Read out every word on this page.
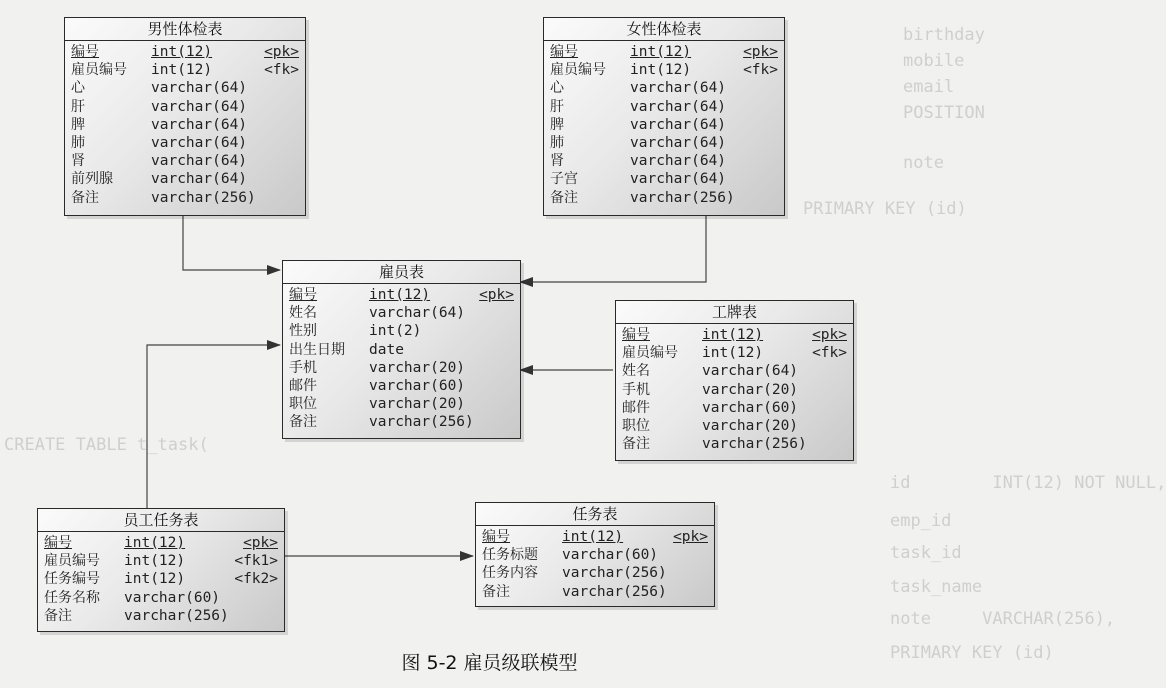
birthday
mobile
email
POSITION
note
PRIMARY KEY (id)
CREATE TABLE t_task(
id        INT(12) NOT NULL,
emp_id
task_id
task_name
note     VARCHAR(256),
PRIMARY KEY (id)
男性体检表
编号	int(12)	<pk>
雇员编号 int(12)	<fk>
心	varchar(64)
肝	varchar(64)
脾	varchar(64)
肺	varchar(64)
肾	varchar(64)
前列腺	varchar(64)
备注	varchar(256)
女性体检表
编号	int(12)	<pk>
雇员编号 int(12)	<fk>
心	varchar(64)
肝	varchar(64)
脾	varchar(64)
肺	varchar(64)
肾	varchar(64)
子宫	varchar(64)
备注	varchar(256)
雇员表
编号	int(12)	<pk>
姓名	varchar(64)
性别	int(2)
出生日期 date
手机	varchar(20)
邮件	varchar(60)
职位	varchar(20)
备注	varchar(256)
工牌表
编号	int(12)	<pk>
雇员编号 int(12)	<fk>
姓名	varchar(64)
手机	varchar(20)
邮件	varchar(60)
职位	varchar(20)
备注	varchar(256)
员工任务表
编号	int(12)	<pk>
雇员编号 int(12)	<fk1>
任务编号 int(12)	<fk2>
任务名称 varchar(60)
备注	varchar(256)
任务表
编号	int(12)	<pk>
任务标题 varchar(60)
任务内容 varchar(256)
备注	varchar(256)
图 5-2 雇员级联模型
